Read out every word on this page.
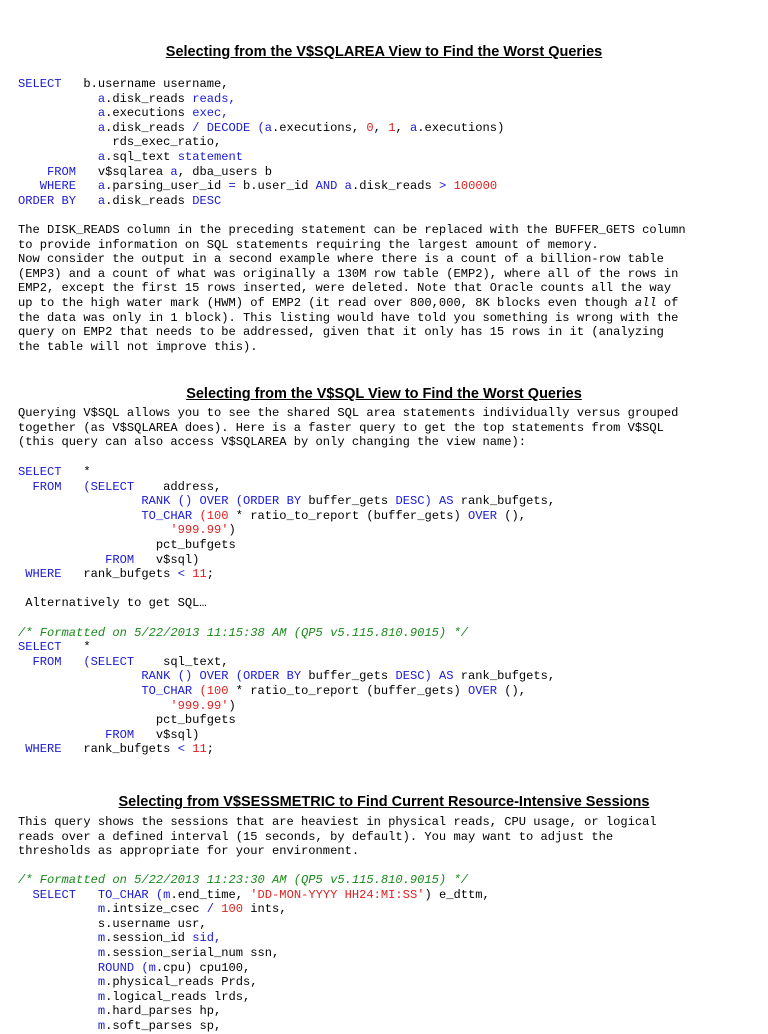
Selecting from the V$SQLAREA View to Find the Worst Queries
SELECT   b.username username,
a.disk_reads reads,
a.executions exec,
a.disk_reads / DECODE (a.executions, 0, 1, a.executions)
rds_exec_ratio,
a.sql_text statement
FROM   v$sqlarea a, dba_users b
WHERE a.parsing_user_id = b.user_id AND a.disk_reads > 100000
ORDER BY a.disk_reads DESC
The DISK_READS column in the preceding statement can be replaced with the BUFFER_GETS column
to provide information on SQL statements requiring the largest amount of memory.
Now consider the output in a second example where there is a count of a billion-row table
(EMP3) and a count of what was originally a 130M row table (EMP2), where all of the rows in
EMP2, except the first 15 rows inserted, were deleted. Note that Oracle counts all the way
up to the high water mark (HWM) of EMP2 (it read over 800,000, 8K blocks even though all of
the data was only in 1 block). This listing would have told you something is wrong with the
query on EMP2 that needs to be addressed, given that it only has 15 rows in it (analyzing
the table will not improve this).
Selecting from the V$SQL View to Find the Worst Queries
Querying V$SQL allows you to see the shared SQL area statements individually versus grouped
together (as V$SQLAREA does). Here is a faster query to get the top statements from V$SQL
(this query can also access V$SQLAREA by only changing the view name):
SELECT   *
FROM (SELECT    address,
RANK () OVER (ORDER BY buffer_gets DESC) AS rank_bufgets,
TO_CHAR (100 * ratio_to_report (buffer_gets) OVER (),
'999.99')
pct_bufgets
FROM   v$sql)
WHERE   rank_bufgets < 11;
Alternatively to get SQL…
/* Formatted on 5/22/2013 11:15:38 AM (QP5 v5.115.810.9015) */
SELECT   *
FROM (SELECT    sql_text,
RANK () OVER (ORDER BY buffer_gets DESC) AS rank_bufgets,
TO_CHAR (100 * ratio_to_report (buffer_gets) OVER (),
'999.99')
pct_bufgets
FROM   v$sql)
WHERE   rank_bufgets < 11;
Selecting from V$SESSMETRIC to Find Current Resource-Intensive Sessions
This query shows the sessions that are heaviest in physical reads, CPU usage, or logical
reads over a defined interval (15 seconds, by default). You may want to adjust the
thresholds as appropriate for your environment.
/* Formatted on 5/22/2013 11:23:30 AM (QP5 v5.115.810.9015) */
SELECT TO_CHAR (m.end_time, 'DD-MON-YYYY HH24:MI:SS') e_dttm,
m.intsize_csec / 100 ints,
s.username usr,
m.session_id sid,
m.session_serial_num ssn,
ROUND (m.cpu) cpu100,
m.physical_reads Prds,
m.logical_reads lrds,
m.hard_parses hp,
m.soft_parses sp,
